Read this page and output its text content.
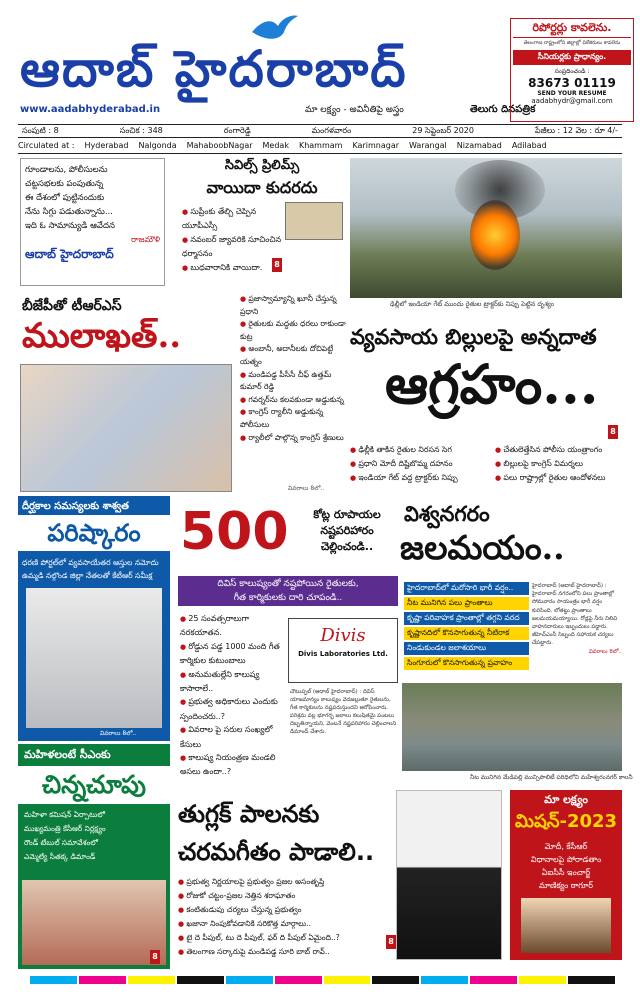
ఆదాబ్ హైదరాబాద్
www.aadabhyderabad.in	మా లక్ష్యం - అవినీతిపై అస్త్రం	తెలుగు దినపత్రిక
రిపోర్టర్లు కావలెను.
తెలంగాణ రాష్ట్రంలోని జిల్లాల్లో విలేకరులు కావలెను
సీనియర్లకు ప్రాధాన్యం.
సంప్రదించండి :
83673 01119
SEND YOUR RESUME
aadabhydr@gmail.com
సంపుటి : 8	సంచిక : 348	రంగారెడ్డి	మంగళవారం	29 సెప్టెంబర్ 2020	పేజీలు : 12 వెల : రూ 4/-
Circulated at : Hyderabad Nalgonda MahaboobNagar Medak Khammam Karimnagar Warangal Nizamabad Adilabad
గూండాలను, పోలీసులను
చట్టసభలకు పంపుతున్న
ఈ దేశంలో పుట్టినందుకు
నేను సిగ్గు పడుతున్నాను...
ఇది ఓ సామాన్యుడి ఆవేదన
రాజమౌళి
ఆదాబ్ హైదరాబాద్
సివిల్స్ ప్రిలిమ్స్
వాయిదా కుదరదు
● సుప్రీంకు తేల్చి చెప్పిన యూపీఎస్సీ
● నవంబర్ జ్యావరికి సూచించిన ధర్మాసనం
● బుధవారానికి వాయిదా.	8
ఢిల్లీలో ఇండియా గేట్ ముందు రైతుల ట్రాక్టర్‌కు నిప్పు పెట్టిన దృశ్యం
బీజేపీతో టీఆర్ఎస్
ములాఖత్..
● ప్రజాస్వామ్యాన్ని ఖూనీ చేస్తున్న ప్రధాని
● రైతులకు మద్దతు ధరలు రాకుండా కుట్ర
● అంబానీ, అదానీలకు దోచిపెట్టే యత్నం
● మండిపడ్డ పీసీసీ చీఫ్ ఉత్తమ్ కుమార్ రెడ్డి
● గవర్నర్‌ను కలవకుండా అడ్డుకున్న
● కాంగ్రెస్ ర్యాలీని అడ్డుకున్న పోలీసులు
● ర్యాలీలో పాల్గొన్న కాంగ్రెస్ శ్రేణులు
వివరాలు 8లో..
వ్యవసాయ బిల్లులపై అన్నదాత
ఆగ్రహం...
8
● ఢిల్లీకి తాకిన రైతుల నిరసన సెగ
● ప్రధాని మోదీ దిష్టిబొమ్మ దహనం
● ఇండియా గేట్ వద్ద ట్రాక్టర్‌కు నిప్పు
● చేతులెత్తేసిన పోలీసు యంత్రాంగం
● బిల్లులపై కాంగ్రెస్ విమర్శలు
● పలు రాష్ట్రాల్లో రైతుల ఆందోళనలు
దీర్ఘకాల సమస్యలకు శాశ్వత
పరిష్కారం
ధరణి పోర్టల్‌లో వ్యవసాయేతర ఆస్తుల నమోదు
ఉమ్మడి నల్గొండ జిల్లా నేతలతో కేటీఆర్ సమీక్ష
వివరాలు 8లో..
500	కోట్ల రూపాయల
నష్టపరిహారం
చెల్లించండి..
దివిస్ కాలుష్యంతో నష్టపోయిన రైతులకు,
గీత కార్మికులకు దారి చూపండి..
● 25 సంవత్సరాలుగా నరకయాతన.
● రోడ్డున పడ్డ 1000 మంది గీత కార్మికుల కుటుంబాలు
● అనుమతుల్లేని కాలుష్య కాసారాలే..
● ప్రభుత్వ అధికారులు ఎందుకు స్పందించరు..?
● వివరాల పై సరుల సంఖ్యలో కేసులు
● కాలుష్య నియంత్రణ మండలి అసలు ఉందా..?
Divis
Divis Laboratories Ltd.
చౌటుప్పల్ (ఆదాబ్ హైదరాబాద్) : దివిస్ యాజమాన్యం కాలుష్యం వెదజల్లుతూ రైతులను, గీత కార్మికులను నష్టపరుస్తుందని ఆరోపించారు. పరిశ్రమ వల్ల భూగర్భ జలాలు కలుషితమై పంటలు దెబ్బతిన్నాయని, వెంటనే నష్టపరిహారం చెల్లించాలని డిమాండ్ చేశారు.
విశ్వనగరం
జలమయం..
హైదరాబాద్‌లో మరోసారి భారీ వర్షం..
నీట మునిగిన పలు ప్రాంతాలు
కృష్ణా పరివాహక ప్రాంతాల్లో తగ్గని వరద
కృష్ణానదిలో కొనసాగుతున్న నీటిరాక
నిండుకుండల జలాశయాలు
సింగూరులో కొనసాగుతున్న ప్రవాహం
హైదరాబాద్ (ఆదాబ్ హైదరాబాద్) : హైదరాబాద్ నగరంలోని పలు ప్రాంతాల్లో సోమవారం సాయంత్రం భారీ వర్షం కురిసింది. లోతట్టు ప్రాంతాలు జలమయమయ్యాయి. రోడ్లపై నీరు నిలిచి వాహనదారులు ఇబ్బందులు పడ్డారు. జీహెచ్ఎంసీ సిబ్బంది సహాయక చర్యలు చేపట్టారు.
వివరాలు 8లో..
నీట మునిగిన మేడిపల్లి మున్సిపాలిటీ పరిధిలోని మహేశ్వరంనగర్ కాలనీ
మహిళలంటే సీఎంకు
చిన్నచూపు
మహిళా కమిషన్ ఏర్పాటులో
ముఖ్యమంత్రి కేసీఆర్ నిర్లక్ష్యం
రౌండ్ టేబుల్ సమావేశంలో
ఎమ్మెల్యే సీతక్క డిమాండ్
8
తుగ్లక్ పాలనకు
చరమగీతం పాడాలి..
● ప్రభుత్వ నిర్ణయాలపై ప్రభుత్వం ప్రజల అసంతృప్తి
● రోజుకో చట్టం-ప్రజల నెత్తిన శరాఘాతం
● కంటితుడుపు చర్యలు చేస్తున్న ప్రభుత్వం
● ఖజానా నింపుకోవడానికి సరికొత్త మార్గాలు..
● టై దె పీపుల్, టు దె పీపుల్, ఫర్ ది పీపుల్ ఏమైంది..?
● తెలంగాణ సర్కారుపై మండిపడ్డ సూరి బాబ్ రావ్..
8
మా లక్ష్యం
మిషన్-2023
మోదీ, కేసీఆర్
విధానాలపై పోరాడతాం
ఏఐసీసీ ఇంచార్జ్
మాణిక్యం ఠాగూర్
